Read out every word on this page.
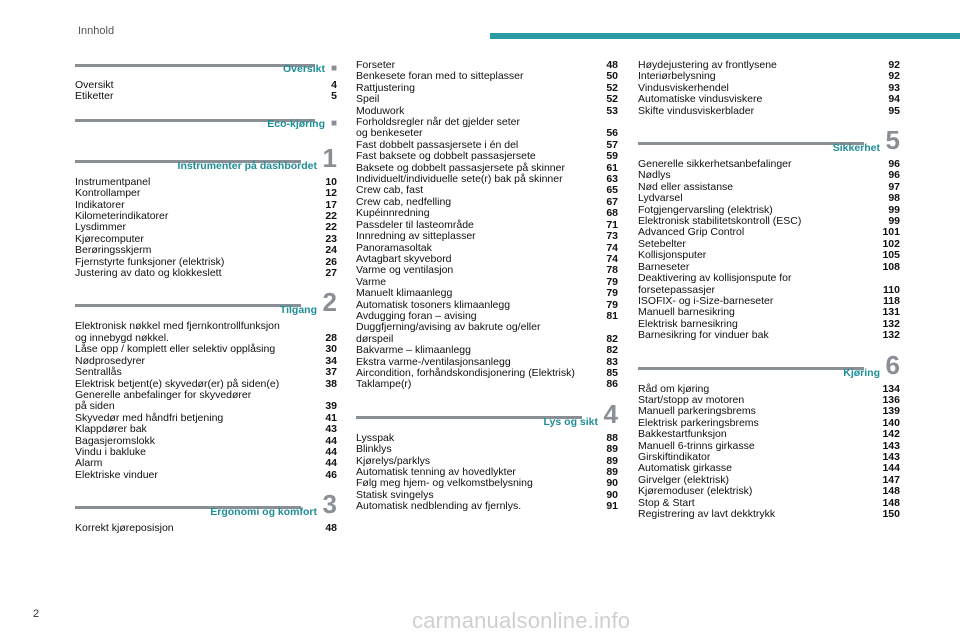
Innhold
Oversikt ■
Oversikt	4
Etiketter	5
Eco-kjøring ■
Instrumenter på dashbordet 1
Instrumentpanel	10
Kontrollamper	12
Indikatorer	17
Kilometerindikatorer	22
Lysdimmer	22
Kjørecomputer	23
Berøringsskjerm	24
Fjernstyrte funksjoner (elektrisk)	26
Justering av dato og klokkeslett	27
Tilgang 2
Elektronisk nøkkel med fjernkontrollfunksjon
og innebygd nøkkel.	28
Låse opp / komplett eller selektiv opplåsing	30
Nødprosedyrer	34
Sentrallås	37
Elektrisk betjent(e) skyvedør(er) på siden(e)	38
Generelle anbefalinger for skyvedører
på siden	39
Skyvedør med håndfri betjening	41
Klappdører bak	43
Bagasjeromslokk	44
Vindu i bakluke	44
Alarm	44
Elektriske vinduer	46
Ergonomi og komfort 3
Korrekt kjøreposisjon	48
Forseter	48
Benkesete foran med to sitteplasser	50
Rattjustering	52
Speil	52
Moduwork	53
Forholdsregler når det gjelder seter
og benkeseter	56
Fast dobbelt passasjersete i én del	57
Fast baksete og dobbelt passasjersete	59
Baksete og dobbelt passasjersete på skinner	61
Individuelt/individuelle sete(r) bak på skinner	63
Crew cab, fast	65
Crew cab, nedfelling	67
Kupéinnredning	68
Passdeler til lasteområde	71
Innredning av sitteplasser	73
Panoramasoltak	74
Avtagbart skyvebord	74
Varme og ventilasjon	78
Varme	79
Manuelt klimaanlegg	79
Automatisk tosoners klimaanlegg	79
Avdugging foran – avising	81
Duggfjerning/avising av bakrute og/eller
dørspeil	82
Bakvarme – klimaanlegg	82
Ekstra varme-/ventilasjonsanlegg	83
Aircondition, forhåndskondisjonering (Elektrisk)	85
Taklampe(r)	86
Lys og sikt 4
Lysspak	88
Blinklys	89
Kjørelys/parklys	89
Automatisk tenning av hovedlykter	89
Følg meg hjem- og velkomstbelysning	90
Statisk svingelys	90
Automatisk nedblending av fjernlys.	91
Høydejustering av frontlysene	92
Interiørbelysning	92
Vindusviskerhendel	93
Automatiske vindusviskere	94
Skifte vindusviskerblader	95
Sikkerhet 5
Generelle sikkerhetsanbefalinger	96
Nødlys	96
Nød eller assistanse	97
Lydvarsel	98
Fotgjengervarsling (elektrisk)	99
Elektronisk stabilitetskontroll (ESC)	99
Advanced Grip Control	101
Setebelter	102
Kollisjonsputer	105
Barneseter	108
Deaktivering av kollisjonspute for
forsetepassasjer	110
ISOFIX- og i-Size-barneseter	118
Manuell barnesikring	131
Elektrisk barnesikring	132
Barnesikring for vinduer bak	132
Kjøring 6
Råd om kjøring	134
Start/stopp av motoren	136
Manuell parkeringsbrems	139
Elektrisk parkeringsbrems	140
Bakkestartfunksjon	142
Manuell 6-trinns girkasse	143
Girskiftindikator	143
Automatisk girkasse	144
Girvelger (elektrisk)	147
Kjøremoduser (elektrisk)	148
Stop & Start	148
Registrering av lavt dekktrykk	150
2	carmanualsonline.info
